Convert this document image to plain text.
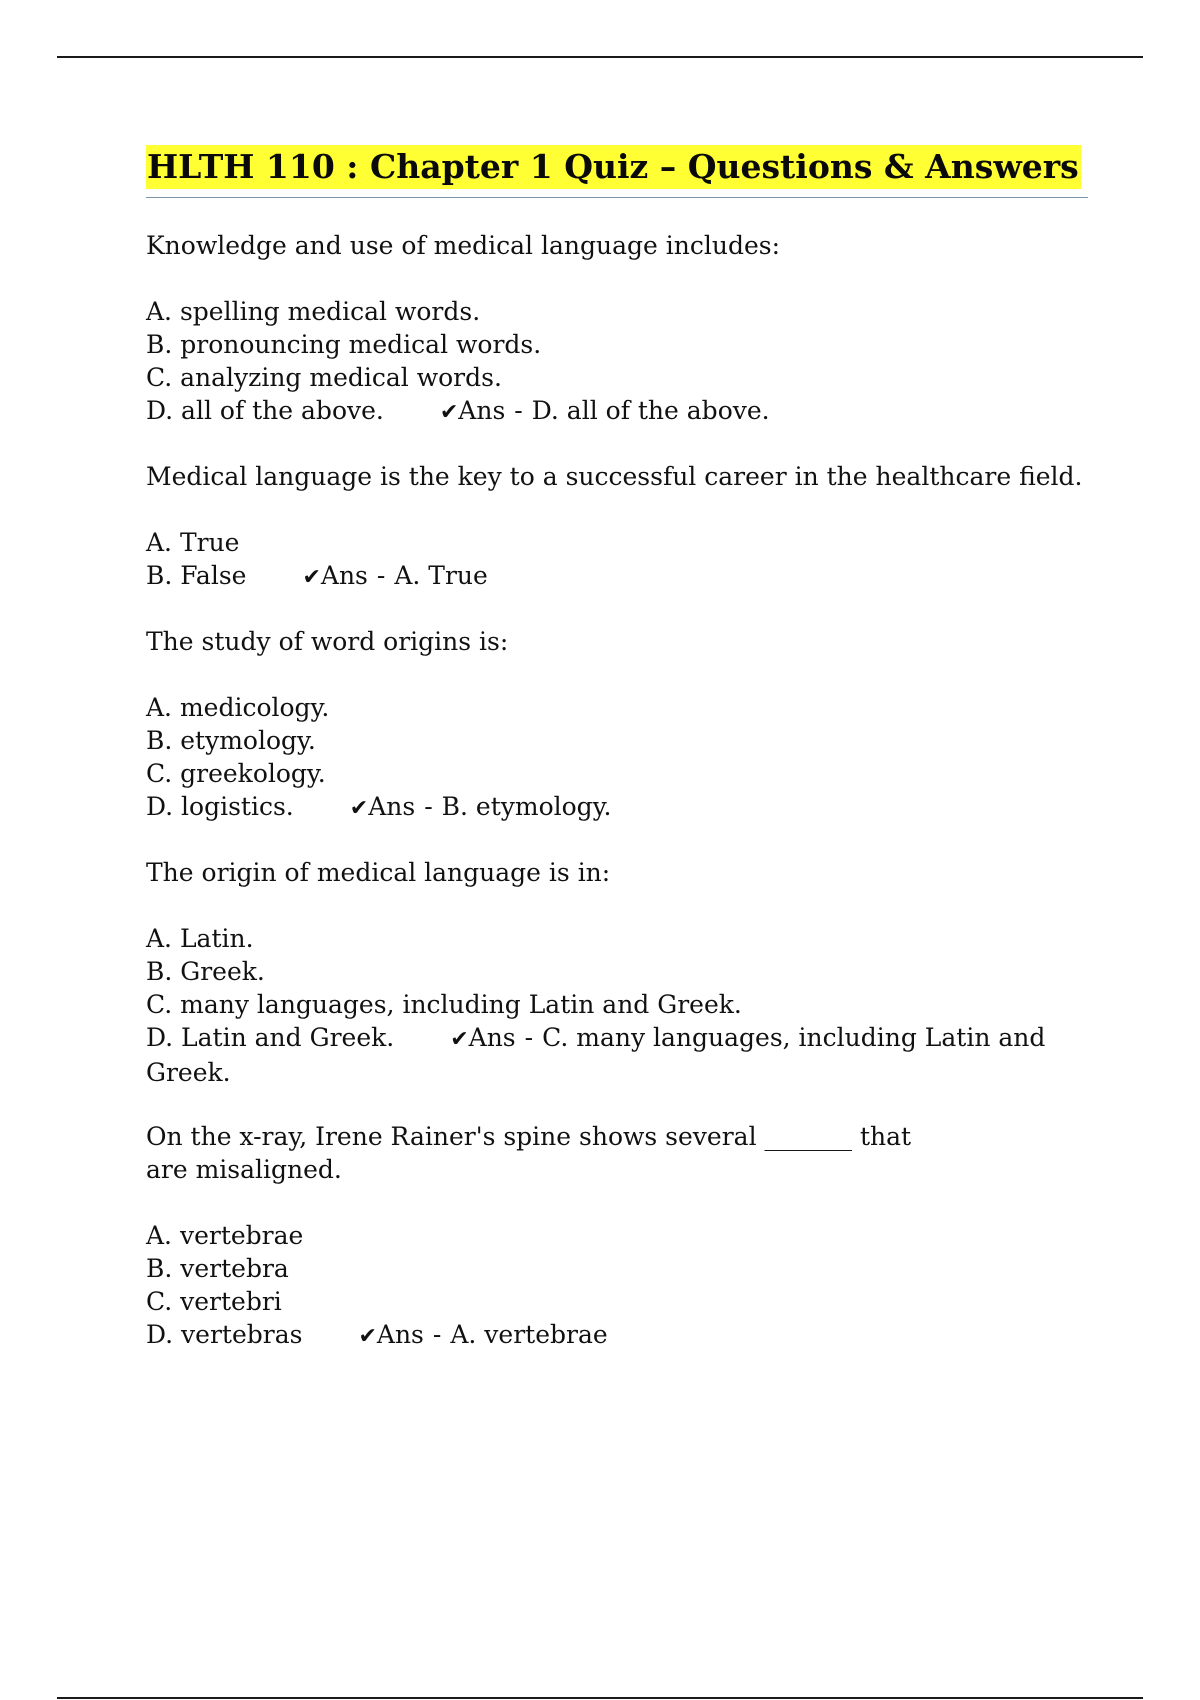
HLTH 110 : Chapter 1 Quiz – Questions & Answers
Knowledge and use of medical language includes:
A. spelling medical words.
B. pronouncing medical words.
C. analyzing medical words.
D. all of the above.	✔Ans - D. all of the above.
Medical language is the key to a successful career in the healthcare field.
A. True
B. False	✔Ans - A. True
The study of word origins is:
A. medicology.
B. etymology.
C. greekology.
D. logistics.	✔Ans - B. etymology.
The origin of medical language is in:
A. Latin.
B. Greek.
C. many languages, including Latin and Greek.
D. Latin and Greek.	✔Ans - C. many languages, including Latin and Greek.
On the x-ray, Irene Rainer's spine shows several _______ that are misaligned.
A. vertebrae
B. vertebra
C. vertebri
D. vertebras	✔Ans - A. vertebrae
